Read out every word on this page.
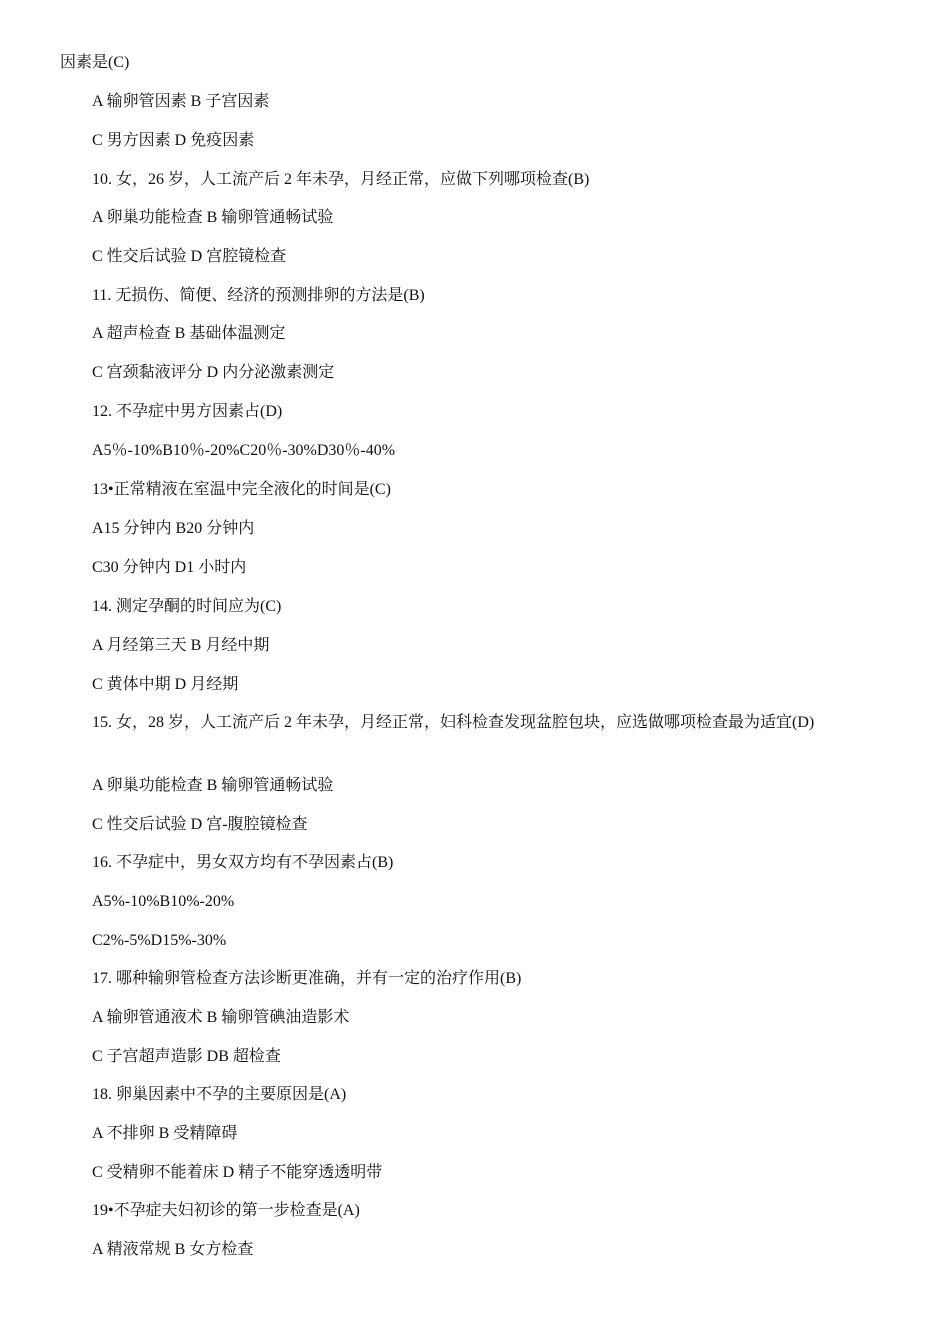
因素是(C)
A 输卵管因素 B 子宫因素
C 男方因素 D 免疫因素
10. 女，26 岁，人工流产后 2 年未孕，月经正常，应做下列哪项检查(B)
A 卵巢功能检查 B 输卵管通畅试验
C 性交后试验 D 宫腔镜检查
11. 无损伤、简便、经济的预测排卵的方法是(B)
A 超声检查 B 基础体温测定
C 宫颈黏液评分 D 内分泌激素测定
12. 不孕症中男方因素占(D)
A5％-10%B10％-20%C20％-30%D30％-40%
13•正常精液在室温中完全液化的时间是(C)
A15 分钟内 B20 分钟内
C30 分钟内 D1 小时内
14. 测定孕酮的时间应为(C)
A 月经第三天 B 月经中期
C 黄体中期 D 月经期
15. 女，28 岁，人工流产后 2 年未孕，月经正常，妇科检查发现盆腔包块，应选做哪项检查最为适宜(D)
A 卵巢功能检查 B 输卵管通畅试验
C 性交后试验 D 宫-腹腔镜检查
16. 不孕症中，男女双方均有不孕因素占(B)
A5%-10%B10%-20%
C2%-5%D15%-30%
17. 哪种输卵管检查方法诊断更准确，并有一定的治疗作用(B)
A 输卵管通液术 B 输卵管碘油造影术
C 子宫超声造影 DB 超检查
18. 卵巢因素中不孕的主要原因是(A)
A 不排卵 B 受精障碍
C 受精卵不能着床 D 精子不能穿透透明带
19•不孕症夫妇初诊的第一步检查是(A)
A 精液常规 B 女方检查
